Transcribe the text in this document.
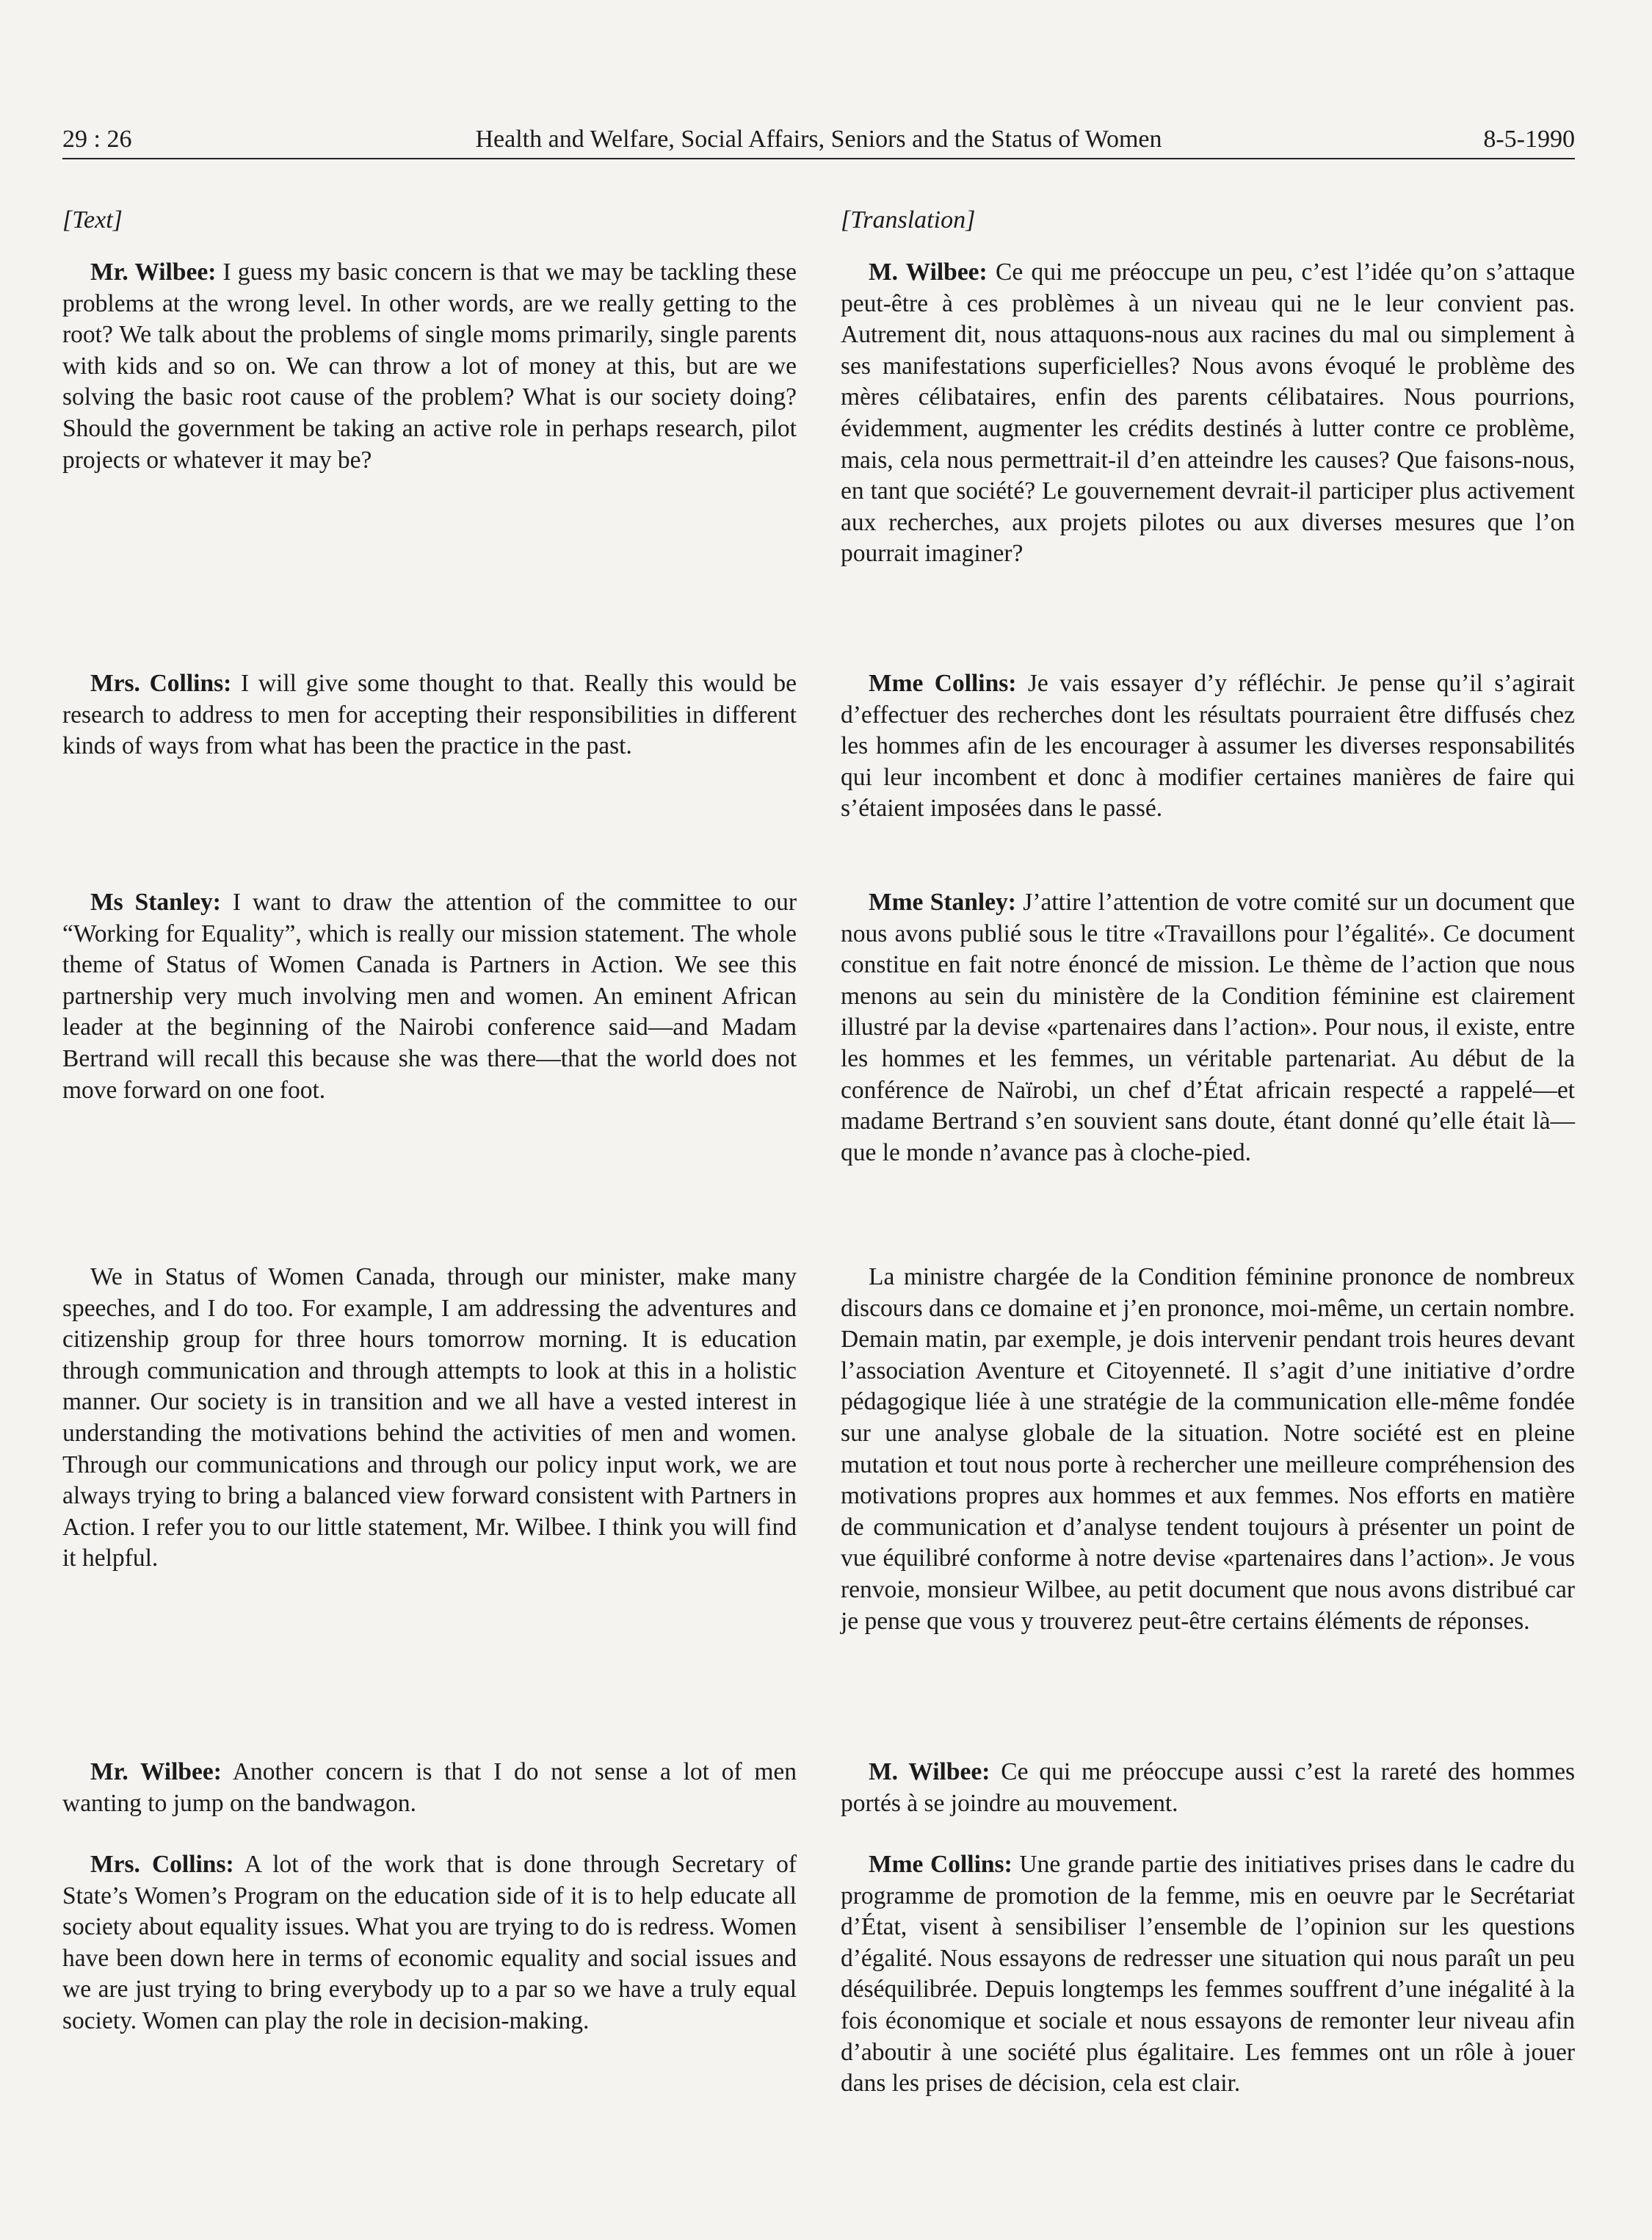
29 : 26	Health and Welfare, Social Affairs, Seniors and the Status of Women	8-5-1990
[Text]

Mr. Wilbee: I guess my basic concern is that we may be tackling these problems at the wrong level. In other words, are we really getting to the root? We talk about the problems of single moms primarily, single parents with kids and so on. We can throw a lot of money at this, but are we solving the basic root cause of the problem? What is our society doing? Should the government be taking an active role in perhaps research, pilot projects or whatever it may be?

Mrs. Collins: I will give some thought to that. Really this would be research to address to men for accepting their responsibilities in different kinds of ways from what has been the practice in the past.

Ms Stanley: I want to draw the attention of the committee to our “Working for Equality”, which is really our mission statement. The whole theme of Status of Women Canada is Partners in Action. We see this partnership very much involving men and women. An eminent African leader at the beginning of the Nairobi conference said—and Madam Bertrand will recall this because she was there—that the world does not move forward on one foot.

We in Status of Women Canada, through our minister, make many speeches, and I do too. For example, I am addressing the adventures and citizenship group for three hours tomorrow morning. It is education through communication and through attempts to look at this in a holistic manner. Our society is in transition and we all have a vested interest in understanding the motivations behind the activities of men and women. Through our communications and through our policy input work, we are always trying to bring a balanced view forward consistent with Partners in Action. I refer you to our little statement, Mr. Wilbee. I think you will find it helpful.

Mr. Wilbee: Another concern is that I do not sense a lot of men wanting to jump on the bandwagon.

Mrs. Collins: A lot of the work that is done through Secretary of State’s Women’s Program on the education side of it is to help educate all society about equality issues. What you are trying to do is redress. Women have been down here in terms of economic equality and social issues and we are just trying to bring everybody up to a par so we have a truly equal society. Women can play the role in decision-making.

[Translation]

M. Wilbee: Ce qui me préoccupe un peu, c’est l’idée qu’on s’attaque peut-être à ces problèmes à un niveau qui ne le leur convient pas. Autrement dit, nous attaquons-nous aux racines du mal ou simplement à ses manifestations superficielles? Nous avons évoqué le problème des mères célibataires, enfin des parents célibataires. Nous pourrions, évidemment, augmenter les crédits destinés à lutter contre ce problème, mais, cela nous permettrait-il d’en atteindre les causes? Que faisons-nous, en tant que société? Le gouvernement devrait-il participer plus activement aux recherches, aux projets pilotes ou aux diverses mesures que l’on pourrait imaginer?

Mme Collins: Je vais essayer d’y réfléchir. Je pense qu’il s’agirait d’effectuer des recherches dont les résultats pourraient être diffusés chez les hommes afin de les encourager à assumer les diverses responsabilités qui leur incombent et donc à modifier certaines manières de faire qui s’étaient imposées dans le passé.

Mme Stanley: J’attire l’attention de votre comité sur un document que nous avons publié sous le titre «Travaillons pour l’égalité». Ce document constitue en fait notre énoncé de mission. Le thème de l’action que nous menons au sein du ministère de la Condition féminine est clairement illustré par la devise «partenaires dans l’action». Pour nous, il existe, entre les hommes et les femmes, un véritable partenariat. Au début de la conférence de Naïrobi, un chef d’État africain respecté a rappelé—et madame Bertrand s’en souvient sans doute, étant donné qu’elle était là—que le monde n’avance pas à cloche-pied.

La ministre chargée de la Condition féminine prononce de nombreux discours dans ce domaine et j’en prononce, moi-même, un certain nombre. Demain matin, par exemple, je dois intervenir pendant trois heures devant l’association Aventure et Citoyenneté. Il s’agit d’une initiative d’ordre pédagogique liée à une stratégie de la communication elle-même fondée sur une analyse globale de la situation. Notre société est en pleine mutation et tout nous porte à rechercher une meilleure compréhension des motivations propres aux hommes et aux femmes. Nos efforts en matière de communication et d’analyse tendent toujours à présenter un point de vue équilibré conforme à notre devise «partenaires dans l’action». Je vous renvoie, monsieur Wilbee, au petit document que nous avons distribué car je pense que vous y trouverez peut-être certains éléments de réponses.

M. Wilbee: Ce qui me préoccupe aussi c’est la rareté des hommes portés à se joindre au mouvement.

Mme Collins: Une grande partie des initiatives prises dans le cadre du programme de promotion de la femme, mis en oeuvre par le Secrétariat d’État, visent à sensibiliser l’ensemble de l’opinion sur les questions d’égalité. Nous essayons de redresser une situation qui nous paraît un peu déséquilibrée. Depuis longtemps les femmes souffrent d’une inégalité à la fois économique et sociale et nous essayons de remonter leur niveau afin d’aboutir à une société plus égalitaire. Les femmes ont un rôle à jouer dans les prises de décision, cela est clair.
